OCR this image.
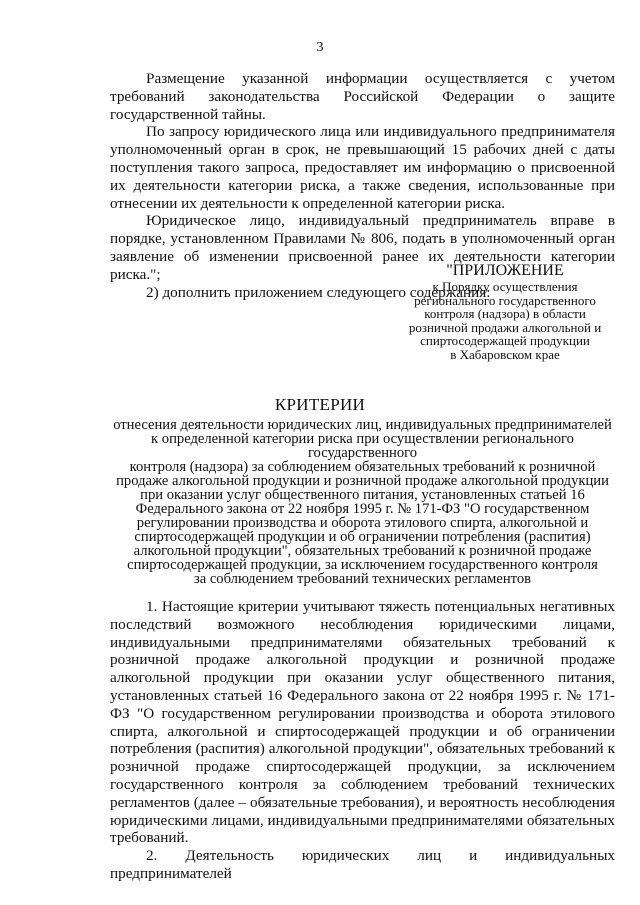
3

Размещение указанной информации осуществляется с учетом требований законодательства Российской Федерации о защите государственной тайны.

По запросу юридического лица или индивидуального предпринимателя уполномоченный орган в срок, не превышающий 15 рабочих дней с даты поступления такого запроса, предоставляет им информацию о присвоенной их деятельности категории риска, а также сведения, использованные при отнесении их деятельности к определенной категории риска.

Юридическое лицо, индивидуальный предприниматель вправе в порядке, установленном Правилами № 806, подать в уполномоченный орган заявление об изменении присвоенной ранее их деятельности категории риска.";

2) дополнить приложением следующего содержания:

"ПРИЛОЖЕНИЕ
к Порядку осуществления
регионального государственного
контроля (надзора) в области
розничной продажи алкогольной и
спиртосодержащей продукции
в Хабаровском крае
КРИТЕРИИ
отнесения деятельности юридических лиц, индивидуальных предпринимателей
к определенной категории риска при осуществлении регионального государственного
контроля (надзора) за соблюдением обязательных требований к розничной
продаже алкогольной продукции и розничной продаже алкогольной продукции
при оказании услуг общественного питания, установленных статьей 16
Федерального закона от 22 ноября 1995 г. № 171-ФЗ "О государственном
регулировании производства и оборота этилового спирта, алкогольной и
спиртосодержащей продукции и об ограничении потребления (распития)
алкогольной продукции", обязательных требований к розничной продаже
спиртосодержащей продукции, за исключением государственного контроля
за соблюдением требований технических регламентов

1. Настоящие критерии учитывают тяжесть потенциальных негативных последствий возможного несоблюдения юридическими лицами, индивидуальными предпринимателями обязательных требований к розничной продаже алкогольной продукции и розничной продаже алкогольной продукции при оказании услуг общественного питания, установленных статьей 16 Федерального закона от 22 ноября 1995 г. № 171-ФЗ "О государственном регулировании производства и оборота этилового спирта, алкогольной и спиртосодержащей продукции и об ограничении потребления (распития) алкогольной продукции", обязательных требований к розничной продаже спиртосодержащей продукции, за исключением государственного контроля за соблюдением требований технических регламентов (далее – обязательные требования), и вероятность несоблюдения юридическими лицами, индивидуальными предпринимателями обязательных требований.

2. Деятельность юридических лиц и индивидуальных предпринимателей
